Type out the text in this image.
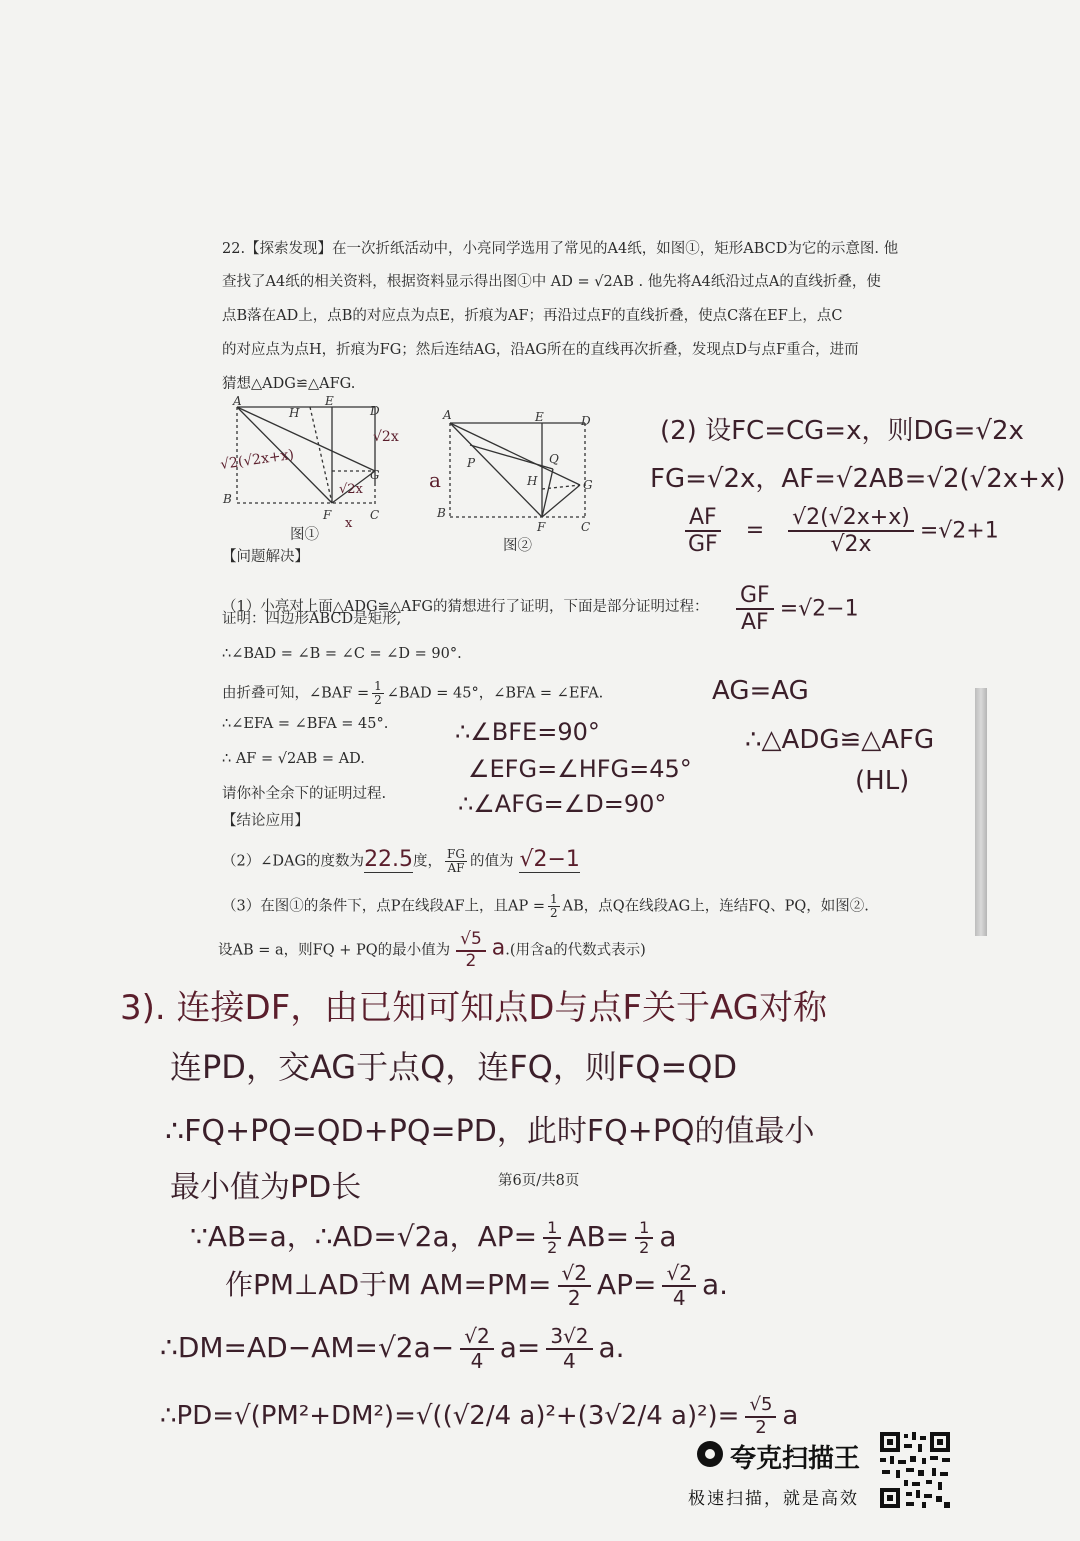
22.【探索发现】在一次折纸活动中，小亮同学选用了常见的A4纸，如图①，矩形ABCD为它的示意图. 他
查找了A4纸的相关资料，根据资料显示得出图①中 AD = √2AB . 他先将A4纸沿过点A的直线折叠，使
点B落在AD上，点B的对应点为点E，折痕为AF；再沿过点F的直线折叠，使点C落在EF上，点C
的对应点为点H，折痕为FG；然后连结AG，沿AG所在的直线再次折叠，发现点D与点F重合，进而
猜想△ADG≌△AFG.
A
H
E
D
G
F	C
B
√2x
√2(√2x+x)
√2x
x
图①
A	E	D
P	Q
H	G
B
F	C
a
图②
【问题解决】
（1）小亮对上面△ADG≌△AFG的猜想进行了证明，下面是部分证明过程：
证明：四边形ABCD是矩形,
∴∠BAD = ∠B = ∠C = ∠D = 90°.
由折叠可知，∠BAF = $\frac{1}{2}$ ∠BAD = 45°，∠BFA = ∠EFA.
∴∠EFA = ∠BFA = 45°.
∴ AF = √2AB = AD.
请你补全余下的证明过程.
∴∠BFE=90°
∠EFG=∠HFG=45°
∴∠AFG=∠D=90°
【结论应用】
（2）∠DAG的度数为22.5度， $\frac{FG}{AF}$ 的值为 √2−1
（3）在图①的条件下，点P在线段AF上，且AP = $\frac{1}{2}$ AB，点Q在线段AG上，连结FQ、PQ，如图②.
设AB = a，则FQ + PQ的最小值为 $\frac{√5}{2} a$.(用含a的代数式表示)
(2) 设FC=CG=x，则DG=√2x
FG=√2x，AF=√2AB=√2(√2x+x)
$\frac{AF}{GF} = \frac{√2(√2x+x)}{√2x} =√2+1$
$\frac{GF}{AF} =√2-1$
AG=AG
∴△ADG≌△AFG
(HL)
3). 连接DF，由已知可知点D与点F关于AG对称
连PD，交AG于点Q，连FQ，则FQ=QD
∴FQ+PQ=QD+PQ=PD，此时FQ+PQ的值最小
最小值为PD长	第6页/共8页
∵AB=a，∴AD=√2a，$AP= \frac{1}{2} AB= \frac{1}{2}$ a
作PM⊥AD于M $AM=PM= \frac{√2}{2} AP= \frac{√2}{4} a$.
∴DM=AD−AM=√2a− $\frac{√2}{4} a= \frac{3√2}{4} a$.
∴PD=√(PM²+DM²)=√((√2/4 a)²+(3√2/4 $a)^2)= \frac{√5}{2}$ a
夸克扫描王
极速扫描，就是高效
